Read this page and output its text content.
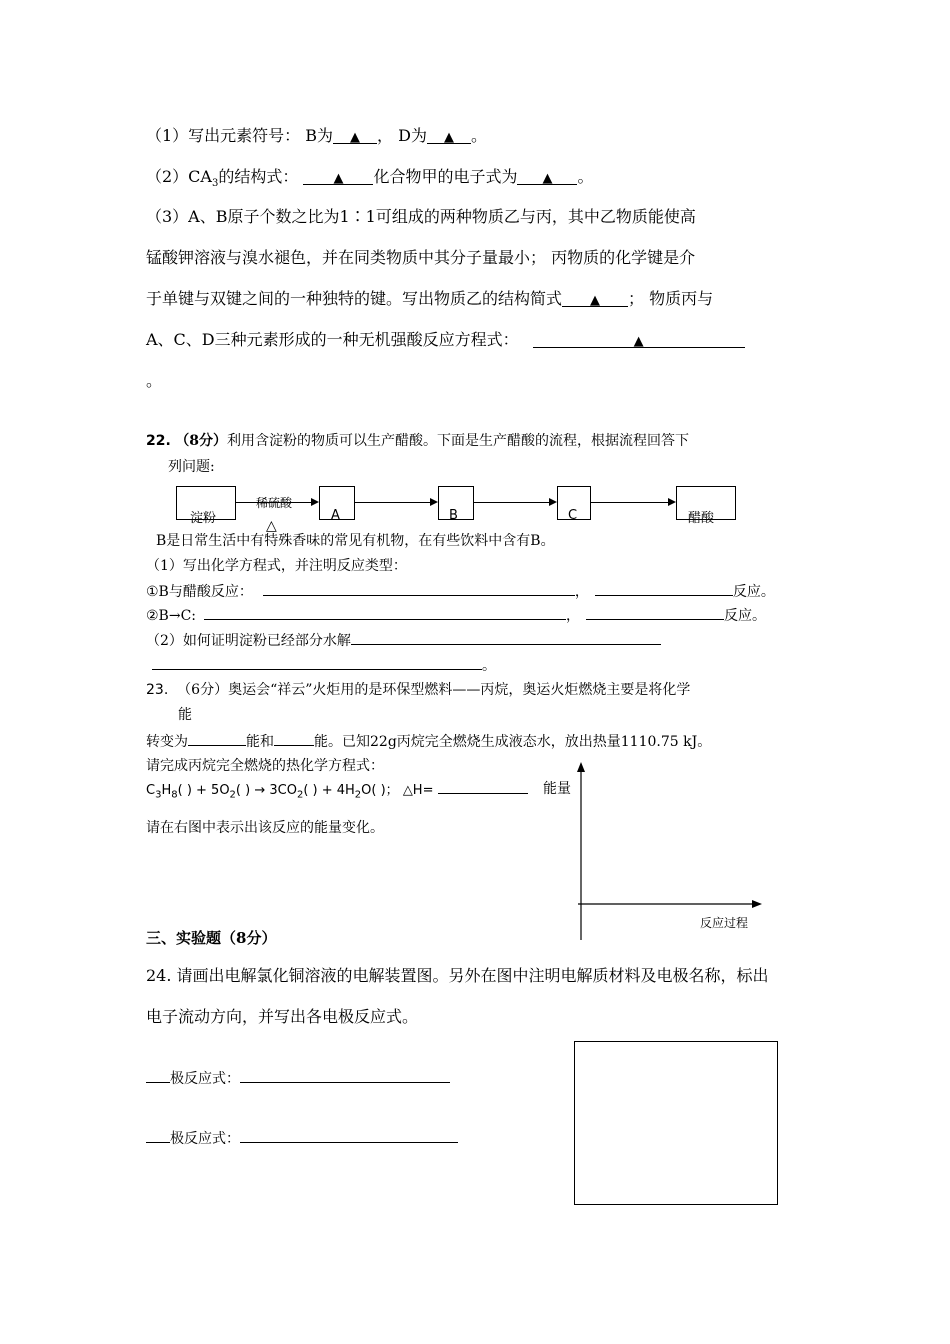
（1）写出元素符号： B为 ▲ ， D为 ▲ 。
$(2)CA_3$的结构式： ▲ 化合物甲的电子式为 ▲ 。
（3）A、B原子个数之比为1∶1可组成的两种物质乙与丙，其中乙物质能使高
锰酸钾溶液与溴水褪色，并在同类物质中其分子量最小； 丙物质的化学键是介
于单键与双键之间的一种独特的键。写出物质乙的结构简式 ▲ ； 物质丙与
A、C、D三种元素形成的一种无机强酸反应方程式：	▲
。
22. （8分）利用含淀粉的物质可以生产醋酸。下面是生产醋酸的流程，根据流程回答下
列问题:
淀粉
稀硫酸
△
A	B	C	醋酸
B是日常生活中有特殊香味的常见有机物，在有些饮料中含有B。
（1）写出化学方程式，并注明反应类型：
①B与醋酸反应：	，	反应。
②B→C:	，	反应。
（2）如何证明淀粉已经部分水解
。
23. （6分）奥运会“祥云”火炬用的是环保型燃料——丙烷，奥运火炬燃烧主要是将化学
能
转变为	能和	能。已知22g丙烷完全燃烧生成液态水，放出热量1110.75 kJ。
请完成丙烷完全燃烧的热化学方程式：
$C_3H_8$( ) + $5O_2$( ) → $3CO_2$( ) + $4H_2O$( )； △H=
请在右图中表示出该反应的能量变化。
能量
反应过程
三、实验题（8分）
24. 请画出电解氯化铜溶液的电解装置图。另外在图中注明电解质材料及电极名称，标出
电子流动方向，并写出各电极反应式。
极反应式：
极反应式：
